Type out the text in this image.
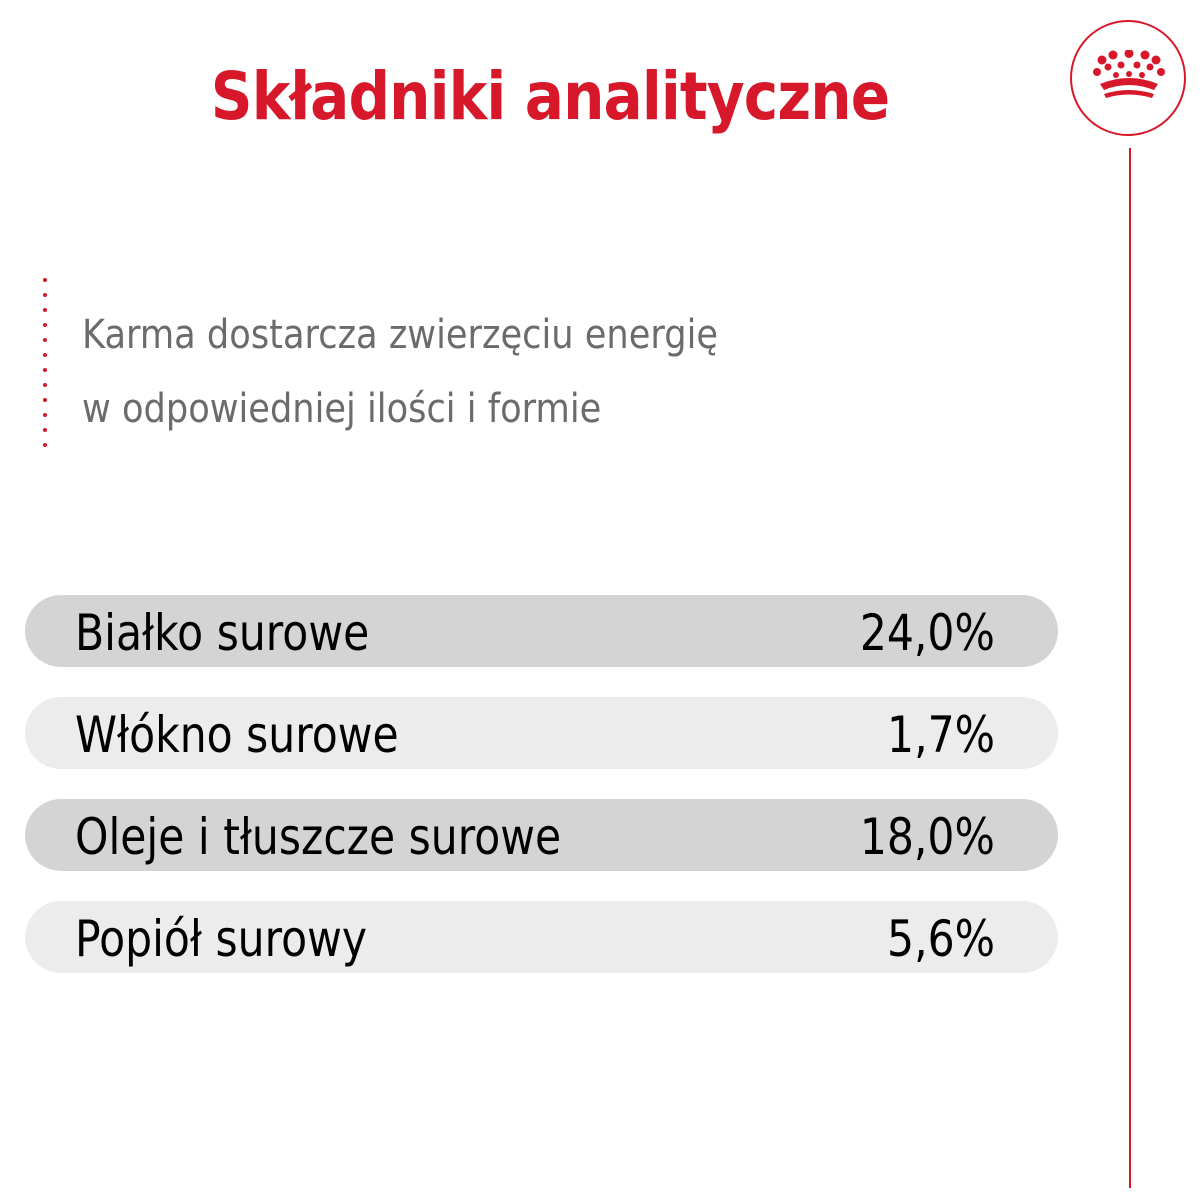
Składniki analityczne
Karma dostarcza zwierzęciu energię
w odpowiedniej ilości i formie
Białko surowe	24,0%
Włókno surowe	1,7%
Oleje i tłuszcze surowe	18,0%
Popiół surowy	5,6%
